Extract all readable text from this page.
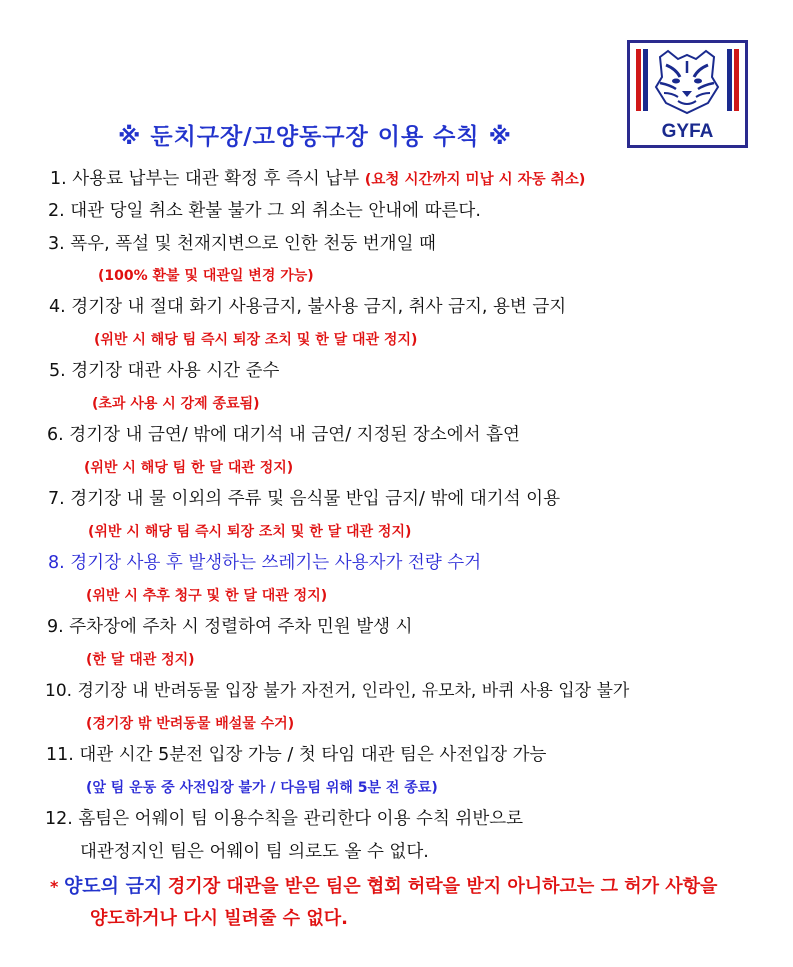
※ 둔치구장/고양동구장 이용 수칙 ※	GYFA
1. 사용료 납부는 대관 확정 후 즉시 납부 (요청 시간까지 미납 시 자동 취소)
2. 대관 당일 취소 환불 불가 그 외 취소는 안내에 따른다.
3. 폭우, 폭설 및 천재지변으로 인한 천둥 번개일 때
(100% 환불 및 대관일 변경 가능)
4. 경기장 내 절대 화기 사용금지, 불사용 금지, 취사 금지, 용변 금지
(위반 시 해당 팀 즉시 퇴장 조치 및 한 달 대관 정지)
5. 경기장 대관 사용 시간 준수
(초과 사용 시 강제 종료됨)
6. 경기장 내 금연/ 밖에 대기석 내 금연/ 지정된 장소에서 흡연
(위반 시 해당 팀 한 달 대관 정지)
7. 경기장 내 물 이외의 주류 및 음식물 반입 금지/ 밖에 대기석 이용
(위반 시 해당 팀 즉시 퇴장 조치 및 한 달 대관 정지)
8. 경기장 사용 후 발생하는 쓰레기는 사용자가 전량 수거
(위반 시 추후 청구 및 한 달 대관 정지)
9. 주차장에 주차 시 정렬하여 주차 민원 발생 시
(한 달 대관 정지)
10. 경기장 내 반려동물 입장 불가 자전거, 인라인, 유모차, 바퀴 사용 입장 불가
(경기장 밖 반려동물 배설물 수거)
11. 대관 시간 5분전 입장 가능 / 첫 타임 대관 팀은 사전입장 가능
(앞 팀 운동 중 사전입장 불가 / 다음팀 위해 5분 전 종료)
12. 홈팀은 어웨이 팀 이용수칙을 관리한다 이용 수칙 위반으로
대관정지인 팀은 어웨이 팀 의로도 올 수 없다.
* 양도의 금지 경기장 대관을 받은 팀은 협회 허락을 받지 아니하고는 그 허가 사항을
양도하거나 다시 빌려줄 수 없다.
